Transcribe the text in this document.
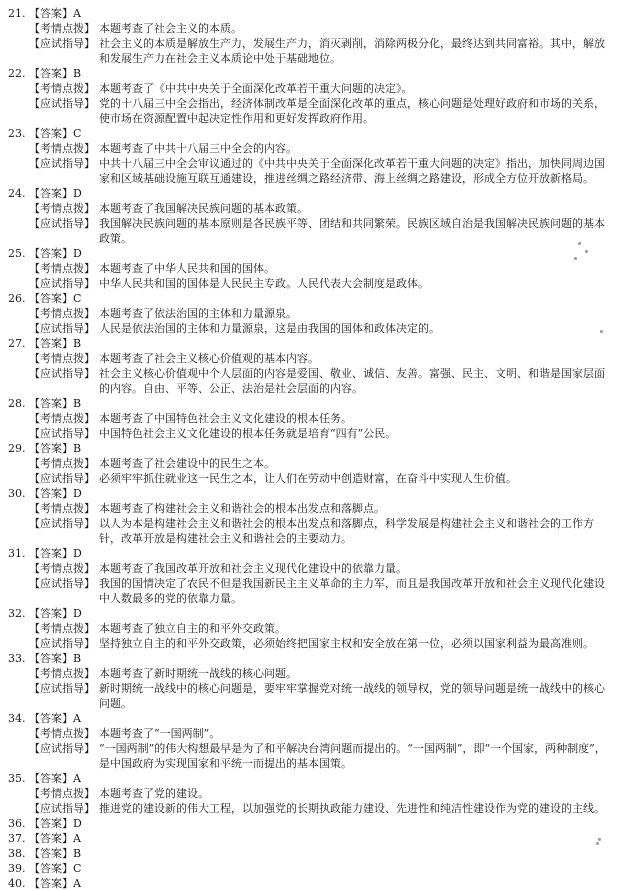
21. 【答案】A
【考情点拨】 本题考查了社会主义的本质。
【应试指导】 社会主义的本质是解放生产力，发展生产力，消灭剥削，消除两极分化，最终达到共同富裕。其中，解放和发展生产力在社会主义本质论中处于基础地位。
22. 【答案】B
【考情点拨】 本题考查了《中共中央关于全面深化改革若干重大问题的决定》。
【应试指导】 党的十八届三中全会指出，经济体制改革是全面深化改革的重点，核心问题是处理好政府和市场的关系，使市场在资源配置中起决定性作用和更好发挥政府作用。
23. 【答案】C
【考情点拨】 本题考查了中共十八届三中全会的内容。
【应试指导】 中共十八届三中全会审议通过的《中共中央关于全面深化改革若干重大问题的决定》指出，加快同周边国家和区域基础设施互联互通建设，推进丝绸之路经济带、海上丝绸之路建设，形成全方位开放新格局。
24. 【答案】D
【考情点拨】 本题考查了我国解决民族问题的基本政策。
【应试指导】 我国解决民族问题的基本原则是各民族平等、团结和共同繁荣。民族区域自治是我国解决民族问题的基本政策。
25. 【答案】D
【考情点拨】 本题考查了中华人民共和国的国体。
【应试指导】 中华人民共和国的国体是人民民主专政。人民代表大会制度是政体。
26. 【答案】C
【考情点拨】 本题考查了依法治国的主体和力量源泉。
【应试指导】 人民是依法治国的主体和力量源泉，这是由我国的国体和政体决定的。
27. 【答案】B
【考情点拨】 本题考查了社会主义核心价值观的基本内容。
【应试指导】 社会主义核心价值观中个人层面的内容是爱国、敬业、诚信、友善。富强、民主、文明、和谐是国家层面的内容。自由、平等、公正、法治是社会层面的内容。
28. 【答案】B
【考情点拨】 本题考查了中国特色社会主义文化建设的根本任务。
【应试指导】 中国特色社会主义文化建设的根本任务就是培育“四有”公民。
29. 【答案】B
【考情点拨】 本题考查了社会建设中的民生之本。
【应试指导】 必须牢牢抓住就业这一民生之本，让人们在劳动中创造财富，在奋斗中实现人生价值。
30. 【答案】D
【考情点拨】 本题考查了构建社会主义和谐社会的根本出发点和落脚点。
【应试指导】 以人为本是构建社会主义和谐社会的根本出发点和落脚点，科学发展是构建社会主义和谐社会的工作方针，改革开放是构建社会主义和谐社会的主要动力。
31. 【答案】D
【考情点拨】 本题考查了我国改革开放和社会主义现代化建设中的依靠力量。
【应试指导】 我国的国情决定了农民不但是我国新民主主义革命的主力军，而且是我国改革开放和社会主义现代化建设中人数最多的党的依靠力量。
32. 【答案】D
【考情点拨】 本题考查了独立自主的和平外交政策。
【应试指导】 坚持独立自主的和平外交政策，必须始终把国家主权和安全放在第一位，必须以国家利益为最高准则。
33. 【答案】B
【考情点拨】 本题考查了新时期统一战线的核心问题。
【应试指导】 新时期统一战线中的核心问题是，要牢牢掌握党对统一战线的领导权，党的领导问题是统一战线中的核心问题。
34. 【答案】A
【考情点拨】 本题考查了“一国两制”。
【应试指导】 “一国两制”的伟大构想最早是为了和平解决台湾问题而提出的。“一国两制”，即“一个国家，两种制度”，是中国政府为实现国家和平统一而提出的基本国策。
35. 【答案】A
【考情点拨】 本题考查了党的建设。
【应试指导】 推进党的建设新的伟大工程，以加强党的长期执政能力建设、先进性和纯洁性建设作为党的建设的主线。
36. 【答案】D
37. 【答案】A
38. 【答案】B
39. 【答案】C
40. 【答案】A
